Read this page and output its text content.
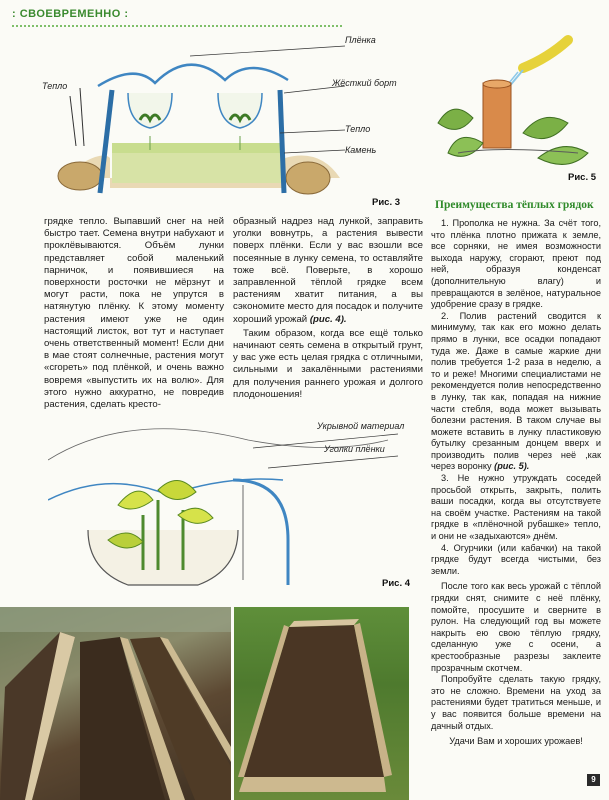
: СВОЕВРЕМЕННО :
Плёнка
Жёсткий борт
Тепло
Тепло
Камень
Рис. 3
Рис. 5
Преимущества тёплых грядок

грядке тепло. Выпавший снег на ней быстро тает. Семена внутри набухают и проклёвываются. Объём лунки представляет собой маленький парничок, и появившиеся на поверхности росточки не мёрзнут и могут расти, пока не упрутся в натянутую плёнку. К этому моменту растения имеют уже не один настоящий листок, вот тут и наступает очень ответственный момент! Если дни в мае стоят солнечные, растения могут «сгореть» под плёнкой, и очень важно вовремя «выпустить их на волю». Для этого нужно аккуратно, не повредив растения, сделать кресто-

образный надрез над лункой, заправить уголки вовнутрь, а растения вывести поверх плёнки. Если у вас взошли все посеянные в лунку семена, то оставляйте тоже всё. Поверьте, в хорошо заправленной тёплой грядке всем растениям хватит питания, а вы сэкономите место для посадок и получите хороший урожай (рис. 4).

Таким образом, когда все ещё только начинают сеять семена в открытый грунт, у вас уже есть целая грядка с отличными, сильными и закалёнными растениями для получения раннего урожая и долгого плодоношения!

1. Прополка не нужна. За счёт того, что плёнка плотно прижата к земле, все сорняки, не имея возможности выхода наружу, сгорают, преют под ней, образуя конденсат (дополнительную влагу) и превращаются в зелёное, натуральное удобрение сразу в грядке.

2. Полив растений сводится к минимуму, так как его можно делать прямо в лунки, все осадки попадают туда же. Даже в самые жаркие дни полив требуется 1-2 раза в неделю, а то и реже! Многими специалистами не рекомендуется полив непосредственно в лунку, так как, попадая на нижние части стебля, вода может вызывать болезни растения. В таком случае вы можете вставить в лунку пластиковую бутылку срезанным донцем вверх и производить полив через неё ,как через воронку (рис. 5).

3. Не нужно утруждать соседей просьбой открыть, закрыть, полить ваши посадки, когда вы отсутствуете на своём участке. Растениям на такой грядке в «плёночной рубашке» тепло, и они не «задыхаются» днём.

4. Огурчики (или кабачки) на такой грядке будут всегда чистыми, без земли.

После того как весь урожай с тёплой грядки снят, снимите с неё плёнку, помойте, просушите и сверните в рулон. На следующий год вы можете накрыть ею свою тёплую грядку, сделанную уже с осени, а крестообразные разрезы заклеите прозрачным скотчем.

Попробуйте сделать такую грядку, это не сложно. Времени на уход за растениями будет тратиться меньше, и у вас появится больше времени на дачный отдых.

Удачи Вам и хороших урожаев!

Укрывной материал
Уголки плёнки
Рис. 4
9
